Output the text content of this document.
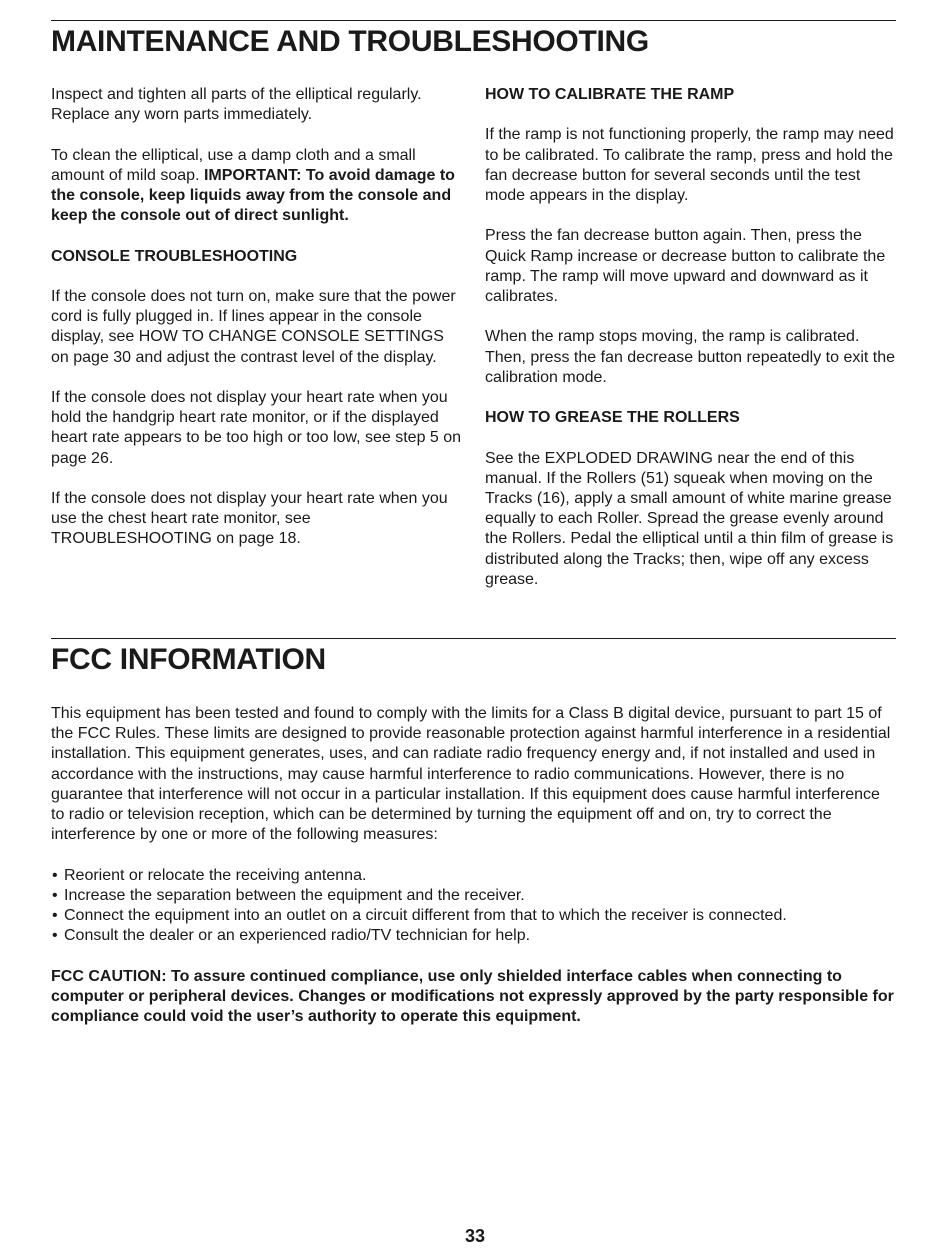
MAINTENANCE AND TROUBLESHOOTING

Inspect and tighten all parts of the elliptical regularly. Replace any worn parts immediately.

To clean the elliptical, use a damp cloth and a small amount of mild soap. IMPORTANT: To avoid damage to the console, keep liquids away from the console and keep the console out of direct sunlight.

CONSOLE TROUBLESHOOTING

If the console does not turn on, make sure that the power cord is fully plugged in. If lines appear in the console display, see HOW TO CHANGE CONSOLE SETTINGS on page 30 and adjust the contrast level of the display.

If the console does not display your heart rate when you hold the handgrip heart rate monitor, or if the displayed heart rate appears to be too high or too low, see step 5 on page 26.

If the console does not display your heart rate when you use the chest heart rate monitor, see TROUBLESHOOTING on page 18.

HOW TO CALIBRATE THE RAMP

If the ramp is not functioning properly, the ramp may need to be calibrated. To calibrate the ramp, press and hold the fan decrease button for several seconds until the test mode appears in the display.

Press the fan decrease button again. Then, press the Quick Ramp increase or decrease button to calibrate the ramp. The ramp will move upward and downward as it calibrates.

When the ramp stops moving, the ramp is calibrated. Then, press the fan decrease button repeatedly to exit the calibration mode.

HOW TO GREASE THE ROLLERS

See the EXPLODED DRAWING near the end of this manual. If the Rollers (51) squeak when moving on the Tracks (16), apply a small amount of white marine grease equally to each Roller. Spread the grease evenly around the Rollers. Pedal the elliptical until a thin film of grease is distributed along the Tracks; then, wipe off any excess grease.

FCC INFORMATION

This equipment has been tested and found to comply with the limits for a Class B digital device, pursuant to part 15 of the FCC Rules. These limits are designed to provide reasonable protection against harmful interference in a residential installation. This equipment generates, uses, and can radiate radio frequency energy and, if not installed and used in accordance with the instructions, may cause harmful interference to radio communications. However, there is no guarantee that interference will not occur in a particular installation. If this equipment does cause harmful interference to radio or television reception, which can be determined by turning the equipment off and on, try to correct the interference by one or more of the following measures:

• Reorient or relocate the receiving antenna.
• Increase the separation between the equipment and the receiver.
• Connect the equipment into an outlet on a circuit different from that to which the receiver is connected.
• Consult the dealer or an experienced radio/TV technician for help.

FCC CAUTION: To assure continued compliance, use only shielded interface cables when connecting to computer or peripheral devices. Changes or modifications not expressly approved by the party responsible for compliance could void the user’s authority to operate this equipment.

33
